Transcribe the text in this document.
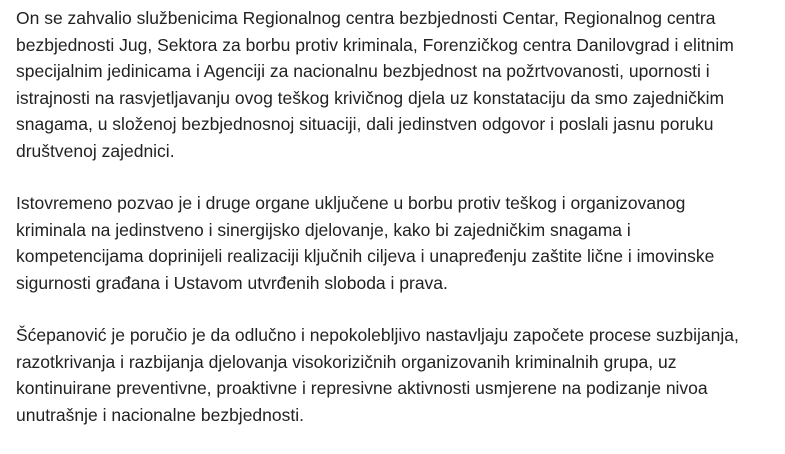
On se zahvalio službenicima Regionalnog centra bezbjednosti Centar, Regionalnog centra
bezbjednosti Jug, Sektora za borbu protiv kriminala, Forenzičkog centra Danilovgrad i elitnim
specijalnim jedinicama i Agenciji za nacionalnu bezbjednost na požrtvovanosti, upornosti i
istrajnosti na rasvjetljavanju ovog teškog krivičnog djela uz konstataciju da smo zajedničkim
snagama, u složenoj bezbjednosnoj situaciji, dali jedinstven odgovor i poslali jasnu poruku
društvenoj zajednici.

Istovremeno pozvao je i druge organe uključene u borbu protiv teškog i organizovanog
kriminala na jedinstveno i sinergijsko djelovanje, kako bi zajedničkim snagama i
kompetencijama doprinijeli realizaciji ključnih ciljeva i unapređenju zaštite lične i imovinske
sigurnosti građana i Ustavom utvrđenih sloboda i prava.

Šćepanović je poručio je da odlučno i nepokolebljivo nastavljaju započete procese suzbijanja,
razotkrivanja i razbijanja djelovanja visokorizičnih organizovanih kriminalnih grupa, uz
kontinuirane preventivne, proaktivne i represivne aktivnosti usmjerene na podizanje nivoa
unutrašnje i nacionalne bezbjednosti.
